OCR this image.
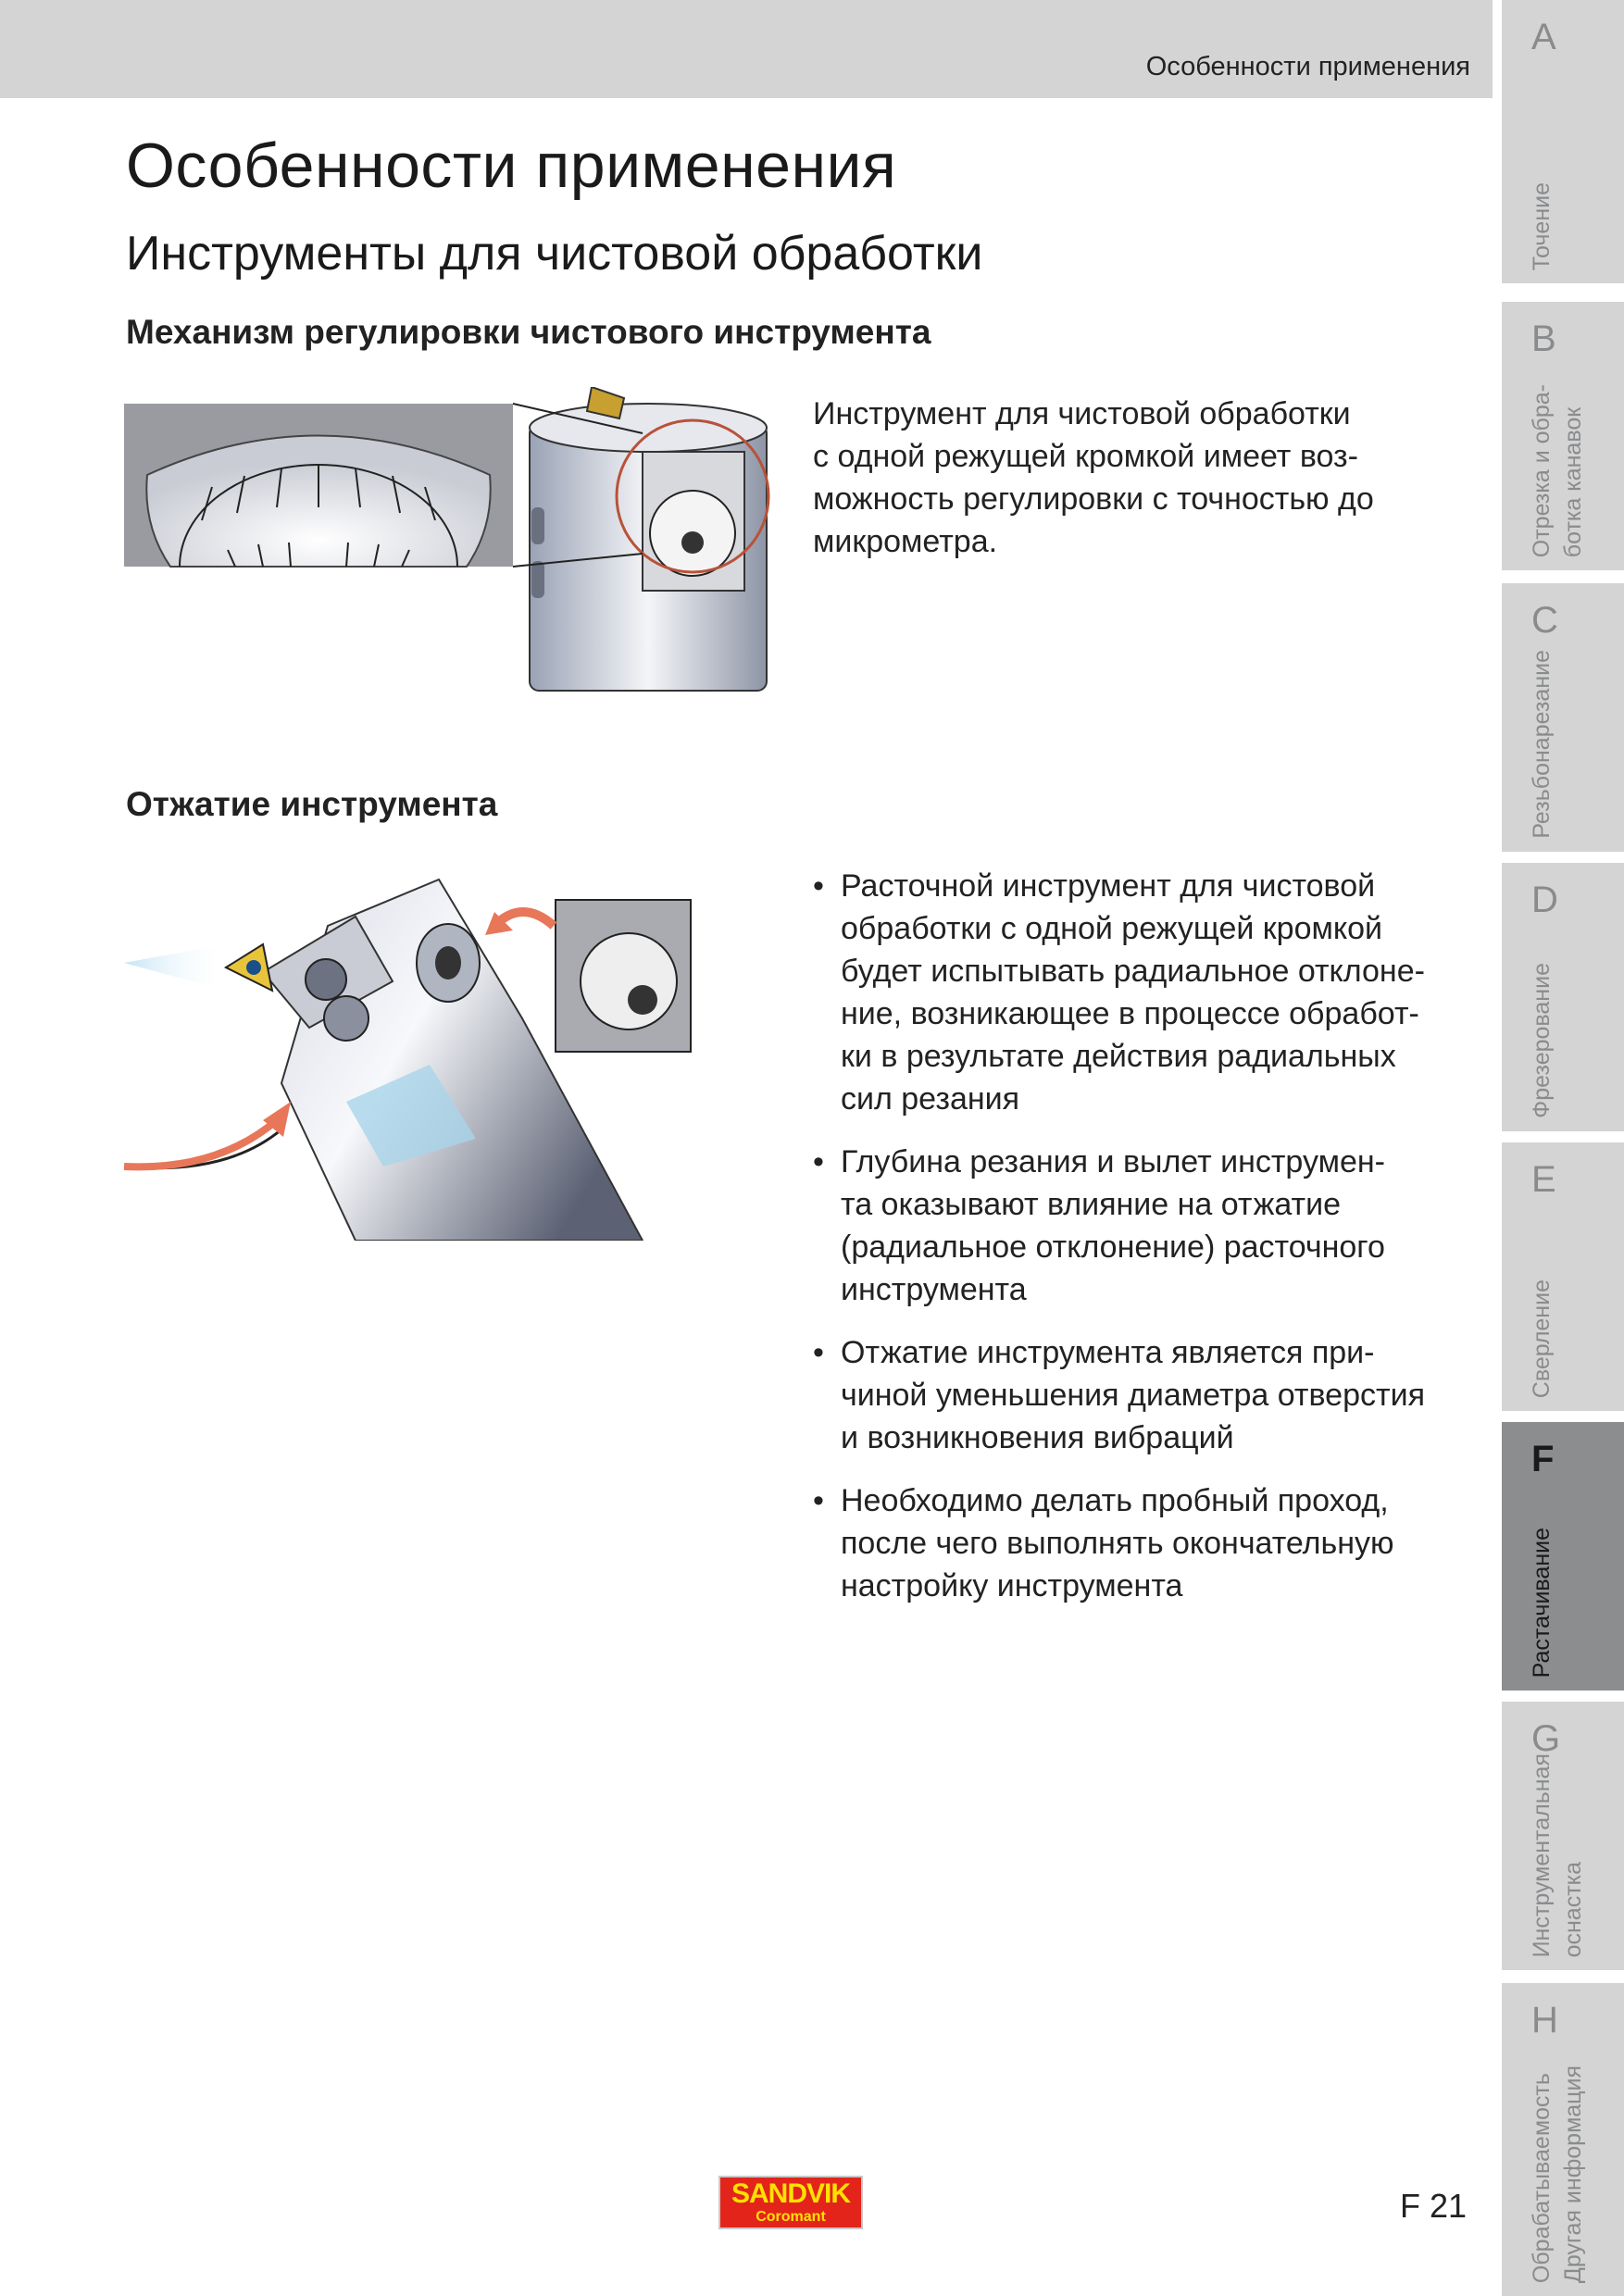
Особенности применения
Особенности применения
Инструменты для чистовой обработки
Механизм регулировки чистового инструмента
Инструмент для чистовой обработки
с одной режущей кромкой имеет воз-
можность регулировки с точностью до
микрометра.
Отжатие инструмента
• Расточной инструмент для чистовой
обработки с одной режущей кромкой
будет испытывать радиальное отклоне-
ние, возникающее в процессе обработ-
ки в результате действия радиальных
сил резания
• Глубина резания и вылет инструмен-
та оказывают влияние на отжатие
(радиальное отклонение) расточного
инструмента
• Отжатие инструмента является при-
чиной уменьшения диаметра отверстия
и возникновения вибраций
• Необходимо делать пробный проход,
после чего выполнять окончательную
настройку инструмента
A
Точение
B
Отрезка и обра-
ботка канавок
C
Резьбонарезание
D
Фрезерование
E
Сверление
F
Растачивание
G
Инструментальная
оснастка
H
Обрабатываемость
Другая информация
SANDVIK
Coromant	F 21
